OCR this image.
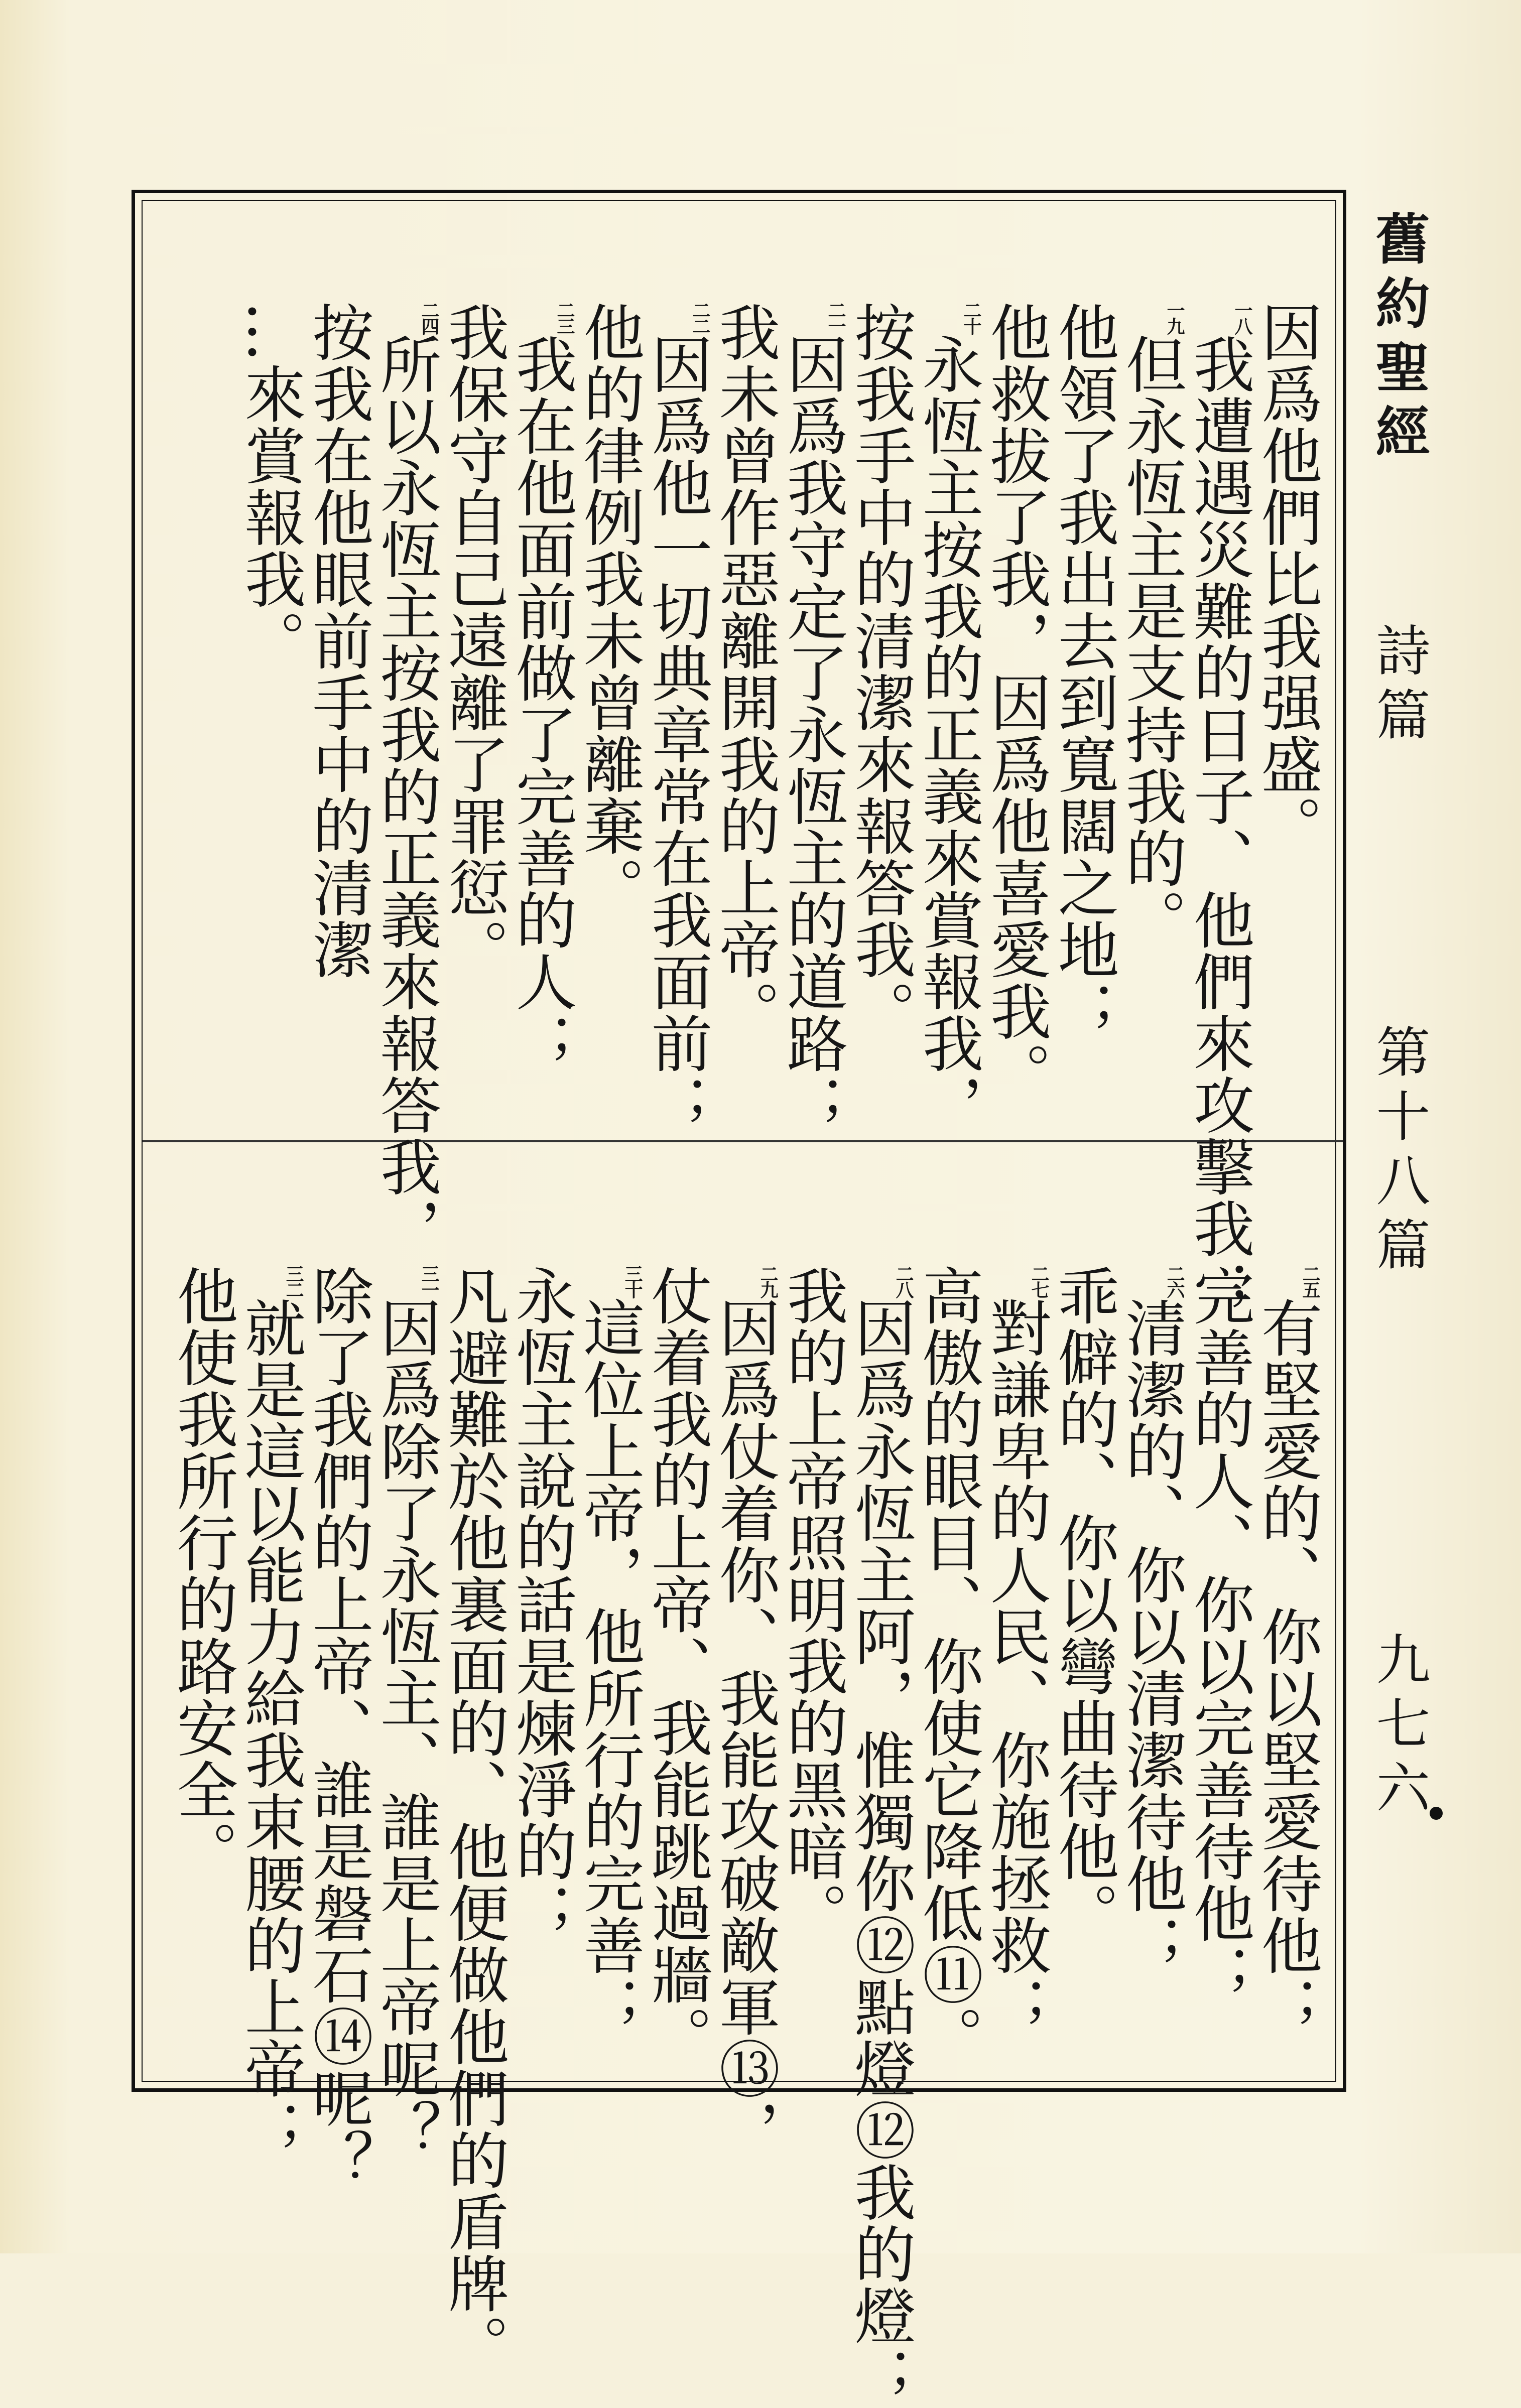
舊約聖經
詩篇
第十八篇
九七六
因爲他們比我强盛。
$^{一八}$我遭遇災難的日子、他們來攻擊我；
$^{一九}$但永恆主是支持我的。
他領了我出去到寬闊之地；
他救拔了我，因爲他喜愛我。
$^{二十}$永恆主按我的正義來賞報我，
按我手中的清潔來報答我。
$^{二一}$因爲我守定了永恆主的道路；
我未曾作惡離開我的上帝。
$^{二二}$因爲他一切典章常在我面前；
他的律例我未曾離棄。
$^{二三}$我在他面前做了完善的人；
我保守自己遠離了罪愆。
$^{二四}$所以永恆主按我的正義來報答我，
按我在他眼前手中的清潔
…來賞報我。
$^{二五}$有堅愛的、你以堅愛待他；
完善的人、你以完善待他；
$^{二六}$清潔的、你以清潔待他；
乖僻的、你以彎曲待他。
$^{二七}$對謙卑的人民、你施拯救；
高傲的眼目、你使它降低⑪。
$^{二八}$因爲永恆主阿，惟獨你⑫點燈⑫我的燈；
我的上帝照明我的黑暗。
$^{二九}$因爲仗着你、我能攻破敵軍⑬，
仗着我的上帝、我能跳過牆。
$^{三十}$這位上帝，他所行的完善；
永恆主說的話是煉淨的；
凡避難於他裏面的、他便做他們的盾牌。
$^{三一}$因爲除了永恆主、誰是上帝呢？
除了我們的上帝、誰是磐石⑭呢？
$^{三二}$就是這以能力給我束腰的上帝；
他使我所行的路安全。
